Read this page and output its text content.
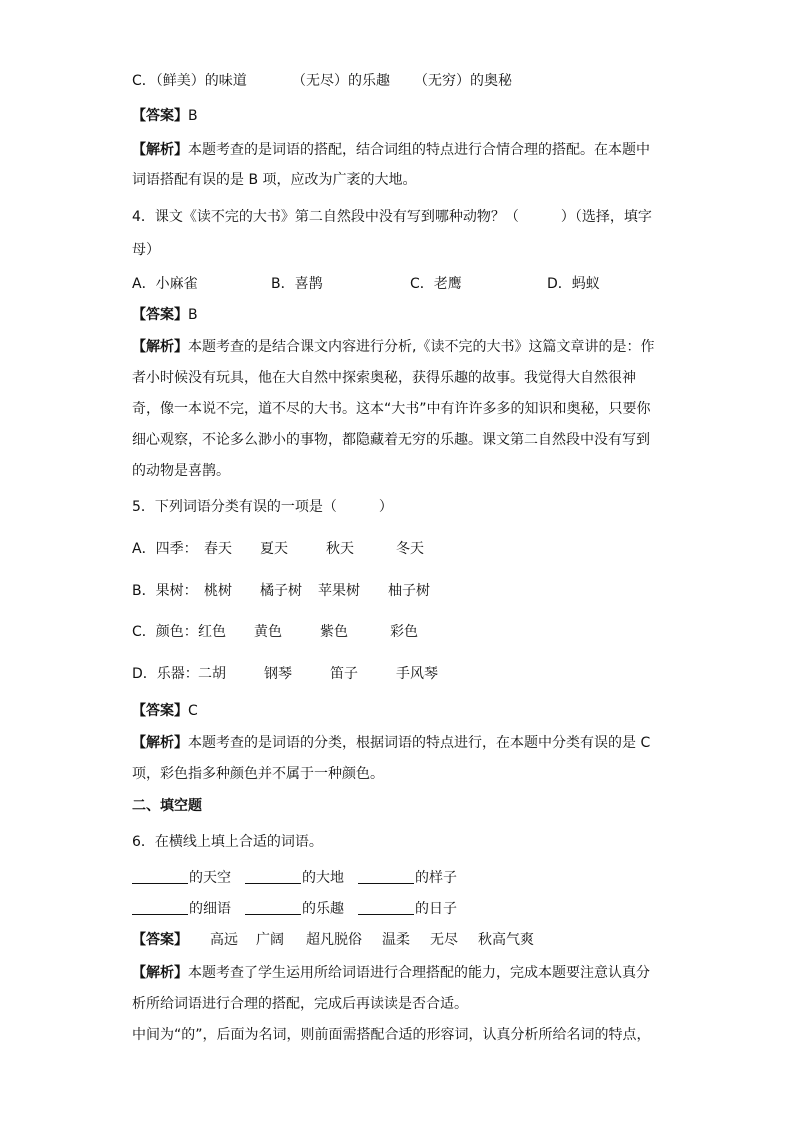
C．（鲜美）的味道	（无尽）的乐趣 （无穷）的奥秘
【答案】B
【解析】本题考查的是词语的搭配，结合词组的特点进行合情合理的搭配。在本题中
词语搭配有误的是 B 项，应改为广袤的大地。
4．课文《读不完的大书》第二自然段中没有写到哪种动物？（　　　）（选择，填字
母）
A．小麻雀	B．喜鹊	C．老鹰	D．蚂蚁
【答案】B
【解析】本题考查的是结合课文内容进行分析,《读不完的大书》这篇文章讲的是：作
者小时候没有玩具，他在大自然中探索奥秘，获得乐趣的故事。我觉得大自然很神
奇，像一本说不完，道不尽的大书。这本“大书”中有许许多多的知识和奥秘，只要你
细心观察，不论多么渺小的事物，都隐藏着无穷的乐趣。课文第二自然段中没有写到
的动物是喜鹊。
5．下列词语分类有误的一项是（　　　）
A．四季： 春天 夏天	秋天	冬天
B．果树： 桃树 橘子树 苹果树 柚子树
C．颜色：红色 黄色	紫色	彩色
D．乐器：二胡	钢琴	笛子	手风琴
【答案】C
【解析】本题考查的是词语的分类，根据词语的特点进行，在本题中分类有误的是 C
项，彩色指多种颜色并不属于一种颜色。
二、填空题
6．在横线上填上合适的词语。
的天空	的大地	的样子
的细语	的乐趣	的日子
【答案】 高远 广阔 超凡脱俗 温柔 无尽 秋高气爽
【解析】本题考查了学生运用所给词语进行合理搭配的能力，完成本题要注意认真分
析所给词语进行合理的搭配，完成后再读读是否合适。
中间为“的”，后面为名词，则前面需搭配合适的形容词，认真分析所给名词的特点，
